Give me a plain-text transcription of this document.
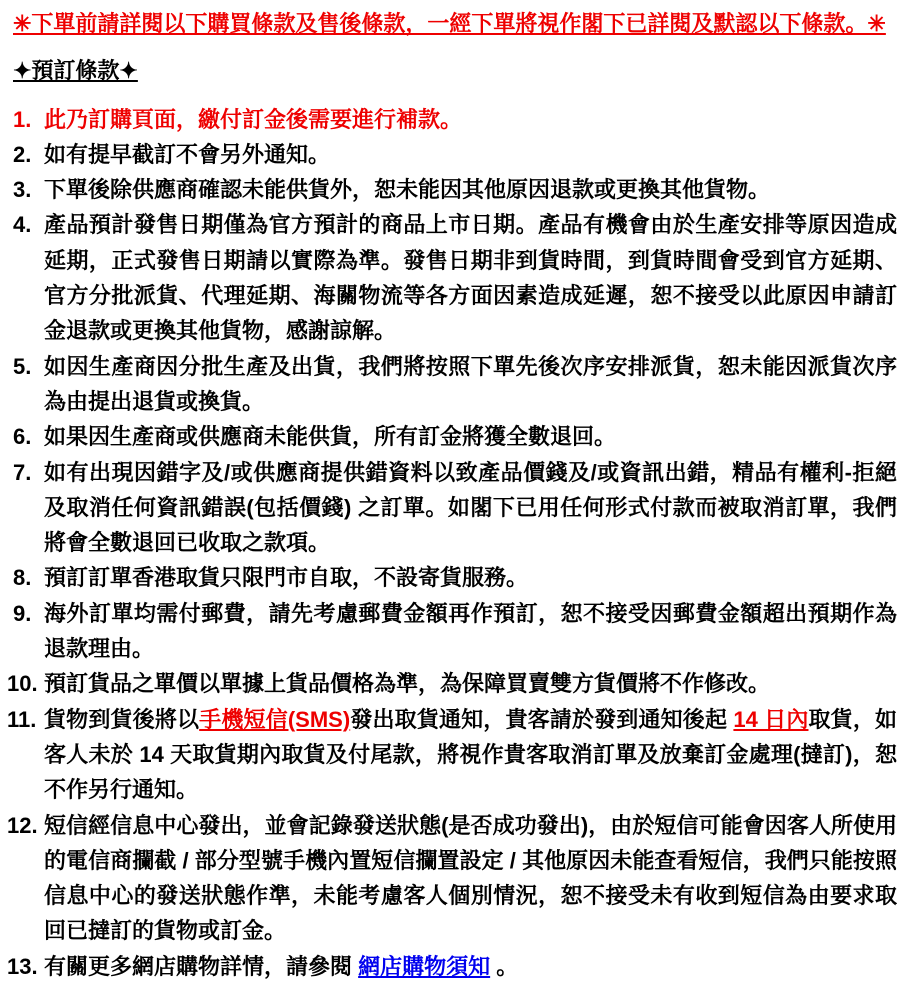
✳下單前請詳閱以下購買條款及售後條款，一經下單將視作閣下已詳閱及默認以下條款。✳

✦預訂條款✦

1. 此乃訂購頁面，繳付訂金後需要進行補款。
2. 如有提早截訂不會另外通知。
3. 下單後除供應商確認未能供貨外，恕未能因其他原因退款或更換其他貨物。
4. 產品預計發售日期僅為官方預計的商品上市日期。產品有機會由於生產安排等原因造成延期，正式發售日期請以實際為準。發售日期非到貨時間，到貨時間會受到官方延期、官方分批派貨、代理延期、海關物流等各方面因素造成延遲，恕不接受以此原因申請訂金退款或更換其他貨物，感謝諒解。
5. 如因生產商因分批生產及出貨，我們將按照下單先後次序安排派貨，恕未能因派貨次序為由提出退貨或換貨。
6. 如果因生產商或供應商未能供貨，所有訂金將獲全數退回。
7. 如有出現因錯字及/或供應商提供錯資料以致產品價錢及/或資訊出錯，精品有權利-拒絕及取消任何資訊錯誤(包括價錢) 之訂單。如閣下已用任何形式付款而被取消訂單，我們將會全數退回已收取之款項。
8. 預訂訂單香港取貨只限門市自取，不設寄貨服務。
9. 海外訂單均需付郵費，請先考慮郵費金額再作預訂，恕不接受因郵費金額超出預期作為退款理由。
10. 預訂貨品之單價以單據上貨品價格為準，為保障買賣雙方貨價將不作修改。
11. 貨物到貨後將以手機短信(SMS)發出取貨通知，貴客請於發到通知後起 14 日內取貨，如客人未於 14 天取貨期內取貨及付尾款，將視作貴客取消訂單及放棄訂金處理(撻訂)，恕不作另行通知。
12. 短信經信息中心發出，並會記錄發送狀態(是否成功發出)，由於短信可能會因客人所使用的電信商攔截 / 部分型號手機內置短信攔置設定 / 其他原因未能查看短信，我們只能按照信息中心的發送狀態作準，未能考慮客人個別情況，恕不接受未有收到短信為由要求取回已撻訂的貨物或訂金。
13. 有關更多網店購物詳情，請參閱 網店購物須知 。
